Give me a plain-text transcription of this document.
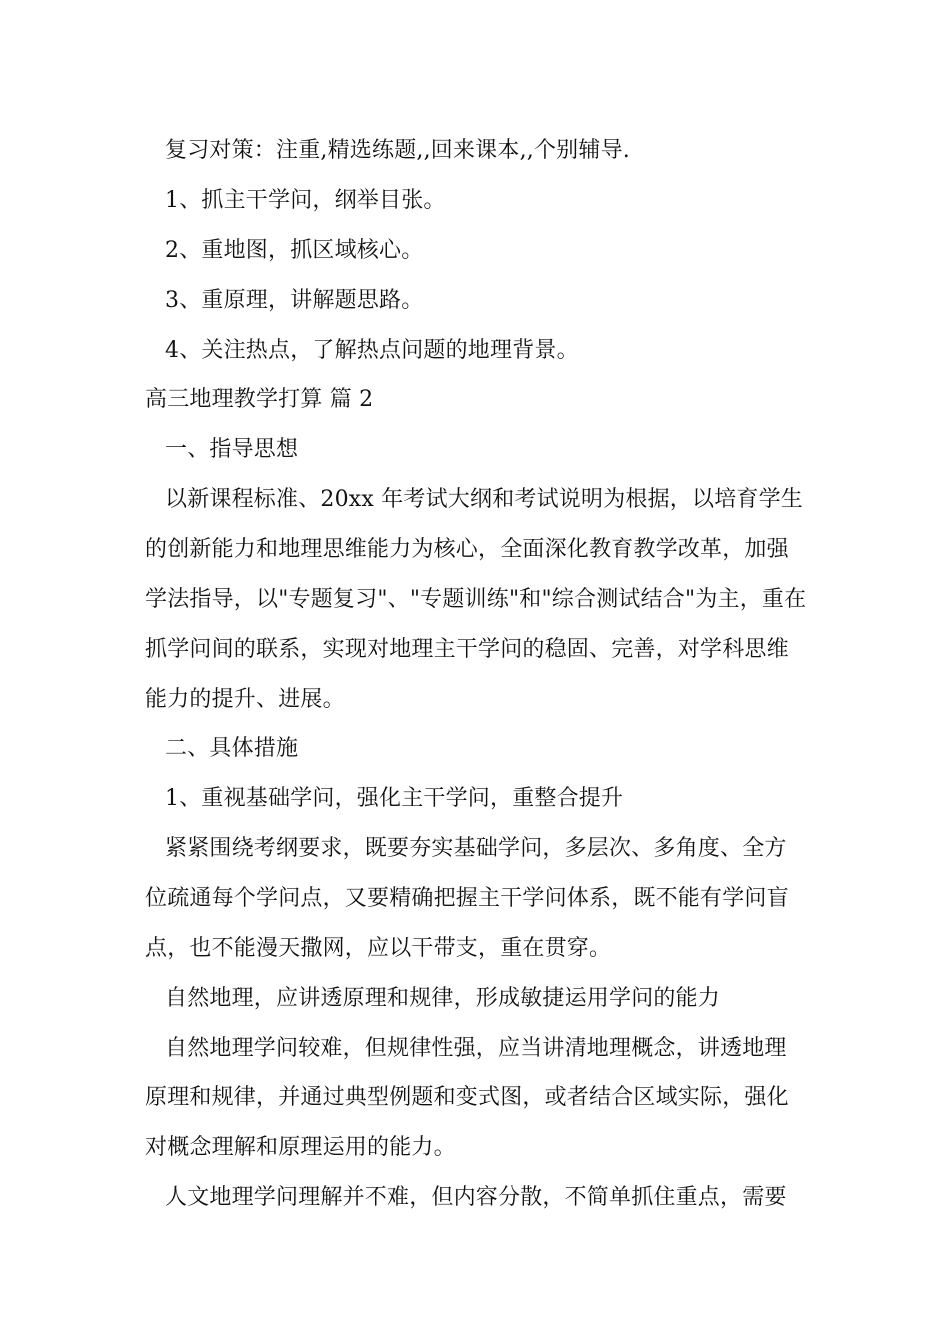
复习对策：注重,精选练题,,回来课本,,个别辅导.
1、抓主干学问，纲举目张。
2、重地图，抓区域核心。
3、重原理，讲解题思路。
4、关注热点，了解热点问题的地理背景。
高三地理教学打算 篇 2
一、指导思想
以新课程标准、20xx 年考试大纲和考试说明为根据，以培育学生
的创新能力和地理思维能力为核心，全面深化教育教学改革，加强
学法指导，以"专题复习"、"专题训练"和"综合测试结合"为主，重在
抓学问间的联系，实现对地理主干学问的稳固、完善，对学科思维
能力的提升、进展。
二、具体措施
1、重视基础学问，强化主干学问，重整合提升
紧紧围绕考纲要求，既要夯实基础学问，多层次、多角度、全方
位疏通每个学问点，又要精确把握主干学问体系，既不能有学问盲
点，也不能漫天撒网，应以干带支，重在贯穿。
自然地理，应讲透原理和规律，形成敏捷运用学问的能力
自然地理学问较难，但规律性强，应当讲清地理概念，讲透地理
原理和规律，并通过典型例题和变式图，或者结合区域实际，强化
对概念理解和原理运用的能力。
人文地理学问理解并不难，但内容分散，不简单抓住重点，需要
